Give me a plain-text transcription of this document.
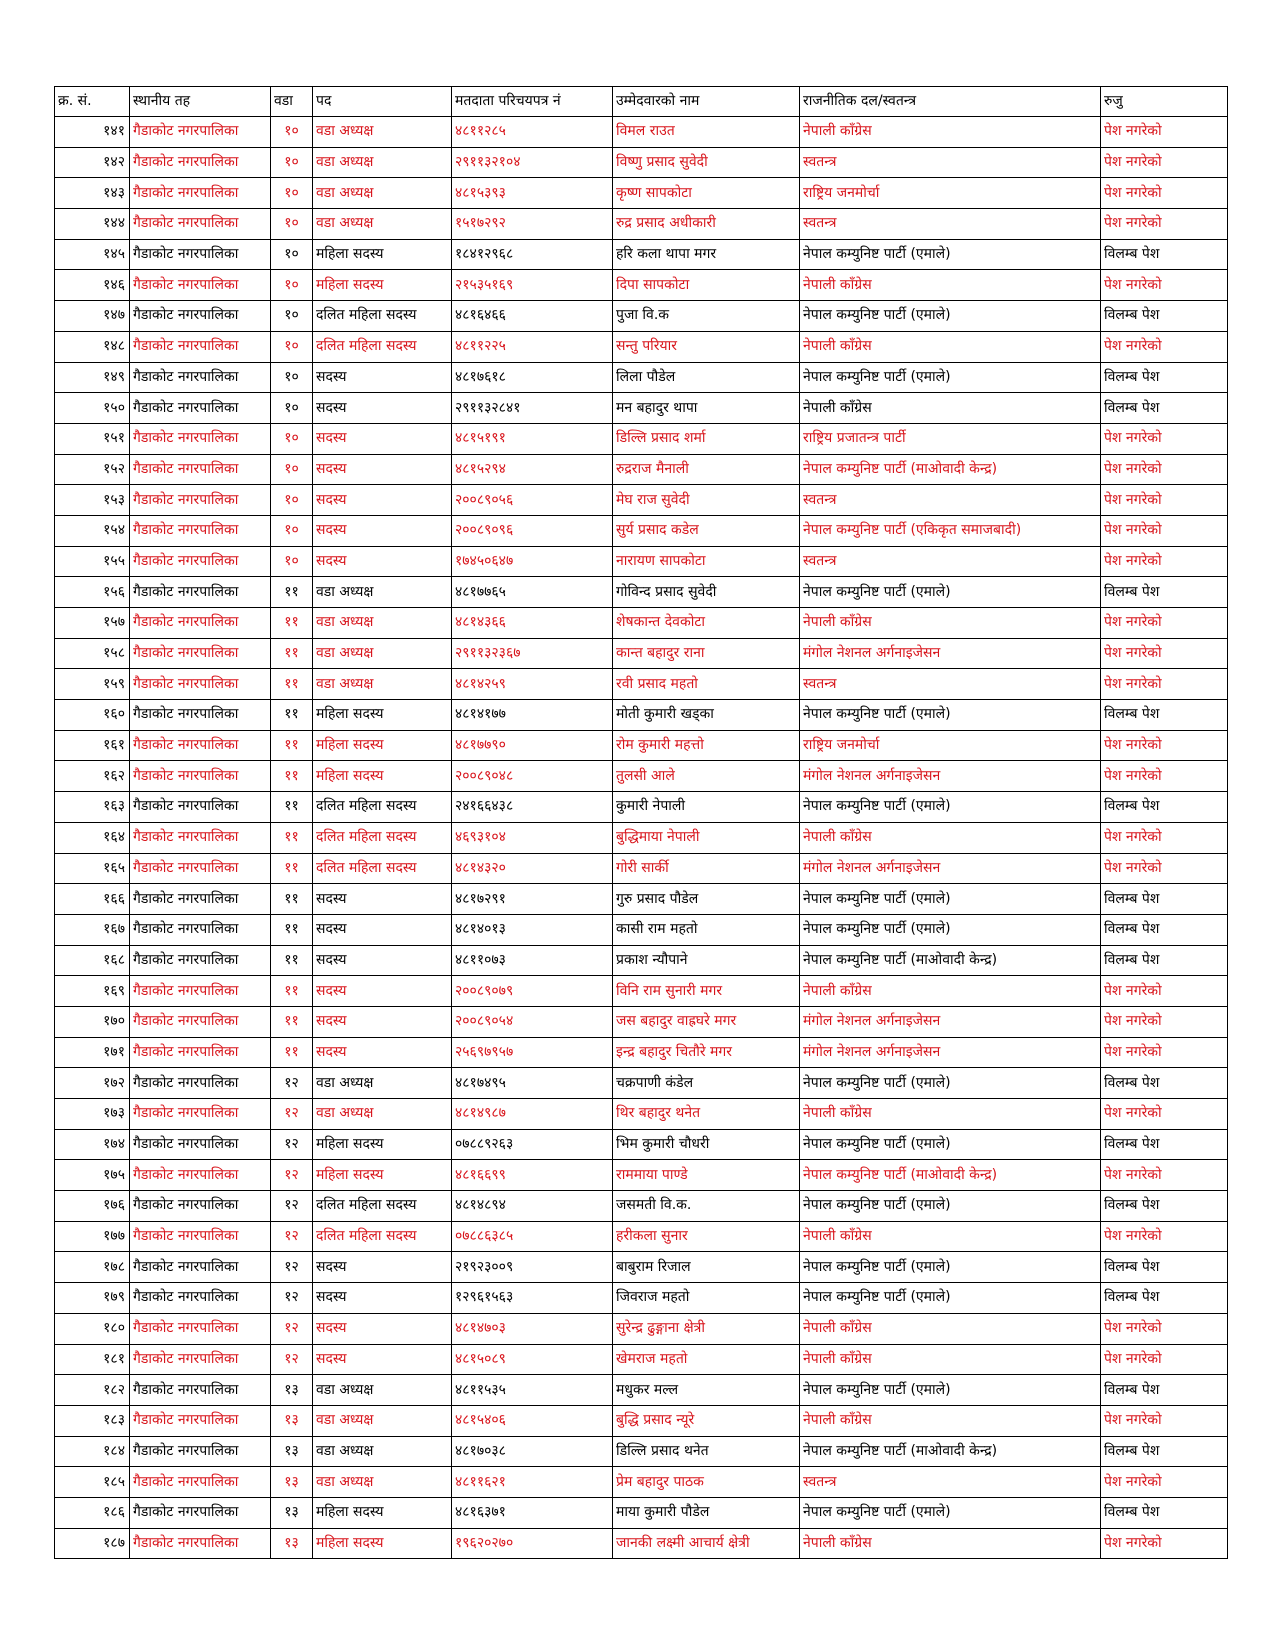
क्र. सं.	स्थानीय तह	वडा	पद	मतदाता परिचयपत्र नं	उम्मेदवारको नाम	राजनीतिक दल/स्वतन्त्र	रुजु
१४१	गैडाकोट नगरपालिका	१०	वडा अध्यक्ष	४८११२८५	विमल राउत	नेपाली काँग्रेस	पेश नगरेको
१४२	गैडाकोट नगरपालिका	१०	वडा अध्यक्ष	२९११३२१०४	विष्णु प्रसाद सुवेदी	स्वतन्त्र	पेश नगरेको
१४३	गैडाकोट नगरपालिका	१०	वडा अध्यक्ष	४८१५३९३	कृष्ण सापकोटा	राष्ट्रिय जनमोर्चा	पेश नगरेको
१४४	गैडाकोट नगरपालिका	१०	वडा अध्यक्ष	१५१७२९२	रुद्र प्रसाद अधीकारी	स्वतन्त्र	पेश नगरेको
१४५	गैडाकोट नगरपालिका	१०	महिला सदस्य	१८४१२९६८	हरि कला थापा मगर	नेपाल कम्युनिष्ट पार्टी (एमाले)	विलम्ब पेश
१४६	गैडाकोट नगरपालिका	१०	महिला सदस्य	२१५३५१६९	दिपा सापकोटा	नेपाली काँग्रेस	पेश नगरेको
१४७	गैडाकोट नगरपालिका	१०	दलित महिला सदस्य	४८१६४६६	पुजा वि.क	नेपाल कम्युनिष्ट पार्टी (एमाले)	विलम्ब पेश
१४८	गैडाकोट नगरपालिका	१०	दलित महिला सदस्य	४८११२२५	सन्तु परियार	नेपाली काँग्रेस	पेश नगरेको
१४९	गैडाकोट नगरपालिका	१०	सदस्य	४८१७६१८	लिला पौडेल	नेपाल कम्युनिष्ट पार्टी (एमाले)	विलम्ब पेश
१५०	गैडाकोट नगरपालिका	१०	सदस्य	२९११३२८४१	मन बहादुर थापा	नेपाली काँग्रेस	विलम्ब पेश
१५१	गैडाकोट नगरपालिका	१०	सदस्य	४८१५१९१	डिल्लि प्रसाद शर्मा	राष्ट्रिय प्रजातन्त्र पार्टी	पेश नगरेको
१५२	गैडाकोट नगरपालिका	१०	सदस्य	४८१५२९४	रुद्रराज मैनाली	नेपाल कम्युनिष्ट पार्टी (माओवादी केन्द्र)	पेश नगरेको
१५३	गैडाकोट नगरपालिका	१०	सदस्य	२००८९०५६	मेघ राज सुवेदी	स्वतन्त्र	पेश नगरेको
१५४	गैडाकोट नगरपालिका	१०	सदस्य	२००८९०९६	सुर्य प्रसाद कडेल	नेपाल कम्युनिष्ट पार्टी (एकिकृत समाजबादी)	पेश नगरेको
१५५	गैडाकोट नगरपालिका	१०	सदस्य	१७४५०६४७	नारायण सापकोटा	स्वतन्त्र	पेश नगरेको
१५६	गैडाकोट नगरपालिका	११	वडा अध्यक्ष	४८१७७६५	गोविन्द प्रसाद सुवेदी	नेपाल कम्युनिष्ट पार्टी (एमाले)	विलम्ब पेश
१५७	गैडाकोट नगरपालिका	११	वडा अध्यक्ष	४८१४३६६	शेषकान्त देवकोटा	नेपाली काँग्रेस	पेश नगरेको
१५८	गैडाकोट नगरपालिका	११	वडा अध्यक्ष	२९११३२३६७	कान्त बहादुर राना	मंगोल नेशनल अर्गनाइजेसन	पेश नगरेको
१५९	गैडाकोट नगरपालिका	११	वडा अध्यक्ष	४८१४२५९	रवी प्रसाद महतो	स्वतन्त्र	पेश नगरेको
१६०	गैडाकोट नगरपालिका	११	महिला सदस्य	४८१४१७७	मोती कुमारी खड्का	नेपाल कम्युनिष्ट पार्टी (एमाले)	विलम्ब पेश
१६१	गैडाकोट नगरपालिका	११	महिला सदस्य	४८१७७९०	रोम कुमारी महत्तो	राष्ट्रिय जनमोर्चा	पेश नगरेको
१६२	गैडाकोट नगरपालिका	११	महिला सदस्य	२००८९०४८	तुलसी आले	मंगोल नेशनल अर्गनाइजेसन	पेश नगरेको
१६३	गैडाकोट नगरपालिका	११	दलित महिला सदस्य	२४१६६४३८	कुमारी नेपाली	नेपाल कम्युनिष्ट पार्टी (एमाले)	विलम्ब पेश
१६४	गैडाकोट नगरपालिका	११	दलित महिला सदस्य	४६९३१०४	बुद्धिमाया नेपाली	नेपाली काँग्रेस	पेश नगरेको
१६५	गैडाकोट नगरपालिका	११	दलित महिला सदस्य	४८१४३२०	गोरी सार्की	मंगोल नेशनल अर्गनाइजेसन	पेश नगरेको
१६६	गैडाकोट नगरपालिका	११	सदस्य	४८१७२९१	गुरु प्रसाद पौडेल	नेपाल कम्युनिष्ट पार्टी (एमाले)	विलम्ब पेश
१६७	गैडाकोट नगरपालिका	११	सदस्य	४८१४०१३	कासी राम महतो	नेपाल कम्युनिष्ट पार्टी (एमाले)	विलम्ब पेश
१६८	गैडाकोट नगरपालिका	११	सदस्य	४८११०७३	प्रकाश न्यौपाने	नेपाल कम्युनिष्ट पार्टी (माओवादी केन्द्र)	विलम्ब पेश
१६९	गैडाकोट नगरपालिका	११	सदस्य	२००८९०७९	विनि राम सुनारी मगर	नेपाली काँग्रेस	पेश नगरेको
१७०	गैडाकोट नगरपालिका	११	सदस्य	२००८९०५४	जस बहादुर वाह्रघरे मगर	मंगोल नेशनल अर्गनाइजेसन	पेश नगरेको
१७१	गैडाकोट नगरपालिका	११	सदस्य	२५६९७९५७	इन्द्र बहादुर चितौरे मगर	मंगोल नेशनल अर्गनाइजेसन	पेश नगरेको
१७२	गैडाकोट नगरपालिका	१२	वडा अध्यक्ष	४८१७४९५	चक्रपाणी कंडेल	नेपाल कम्युनिष्ट पार्टी (एमाले)	विलम्ब पेश
१७३	गैडाकोट नगरपालिका	१२	वडा अध्यक्ष	४८१४९८७	थिर बहादुर थनेत	नेपाली काँग्रेस	पेश नगरेको
१७४	गैडाकोट नगरपालिका	१२	महिला सदस्य	०७८८९२६३	भिम कुमारी चौधरी	नेपाल कम्युनिष्ट पार्टी (एमाले)	विलम्ब पेश
१७५	गैडाकोट नगरपालिका	१२	महिला सदस्य	४८१६६९९	राममाया पाण्डे	नेपाल कम्युनिष्ट पार्टी (माओवादी केन्द्र)	पेश नगरेको
१७६	गैडाकोट नगरपालिका	१२	दलित महिला सदस्य	४८१४८९४	जसमती वि.क.	नेपाल कम्युनिष्ट पार्टी (एमाले)	विलम्ब पेश
१७७	गैडाकोट नगरपालिका	१२	दलित महिला सदस्य	०७८८६३८५	हरीकला सुनार	नेपाली काँग्रेस	पेश नगरेको
१७८	गैडाकोट नगरपालिका	१२	सदस्य	२१९२३००९	बाबुराम रिजाल	नेपाल कम्युनिष्ट पार्टी (एमाले)	विलम्ब पेश
१७९	गैडाकोट नगरपालिका	१२	सदस्य	१२९६१५६३	जिवराज महतो	नेपाल कम्युनिष्ट पार्टी (एमाले)	विलम्ब पेश
१८०	गैडाकोट नगरपालिका	१२	सदस्य	४८१४७०३	सुरेन्द्र ढुङ्गाना क्षेत्री	नेपाली काँग्रेस	पेश नगरेको
१८१	गैडाकोट नगरपालिका	१२	सदस्य	४८१५०८९	खेमराज महतो	नेपाली काँग्रेस	पेश नगरेको
१८२	गैडाकोट नगरपालिका	१३	वडा अध्यक्ष	४८११५३५	मधुकर मल्ल	नेपाल कम्युनिष्ट पार्टी (एमाले)	विलम्ब पेश
१८३	गैडाकोट नगरपालिका	१३	वडा अध्यक्ष	४८१५४०६	बुद्धि प्रसाद न्यूरे	नेपाली काँग्रेस	पेश नगरेको
१८४	गैडाकोट नगरपालिका	१३	वडा अध्यक्ष	४८१७०३८	डिल्लि प्रसाद थनेत	नेपाल कम्युनिष्ट पार्टी (माओवादी केन्द्र)	विलम्ब पेश
१८५	गैडाकोट नगरपालिका	१३	वडा अध्यक्ष	४८११६२१	प्रेम बहादुर पाठक	स्वतन्त्र	पेश नगरेको
१८६	गैडाकोट नगरपालिका	१३	महिला सदस्य	४८१६३७१	माया कुमारी पौडेल	नेपाल कम्युनिष्ट पार्टी (एमाले)	विलम्ब पेश
१८७	गैडाकोट नगरपालिका	१३	महिला सदस्य	१९६२०२७०	जानकी लक्ष्मी आचार्य क्षेत्री	नेपाली काँग्रेस	पेश नगरेको
